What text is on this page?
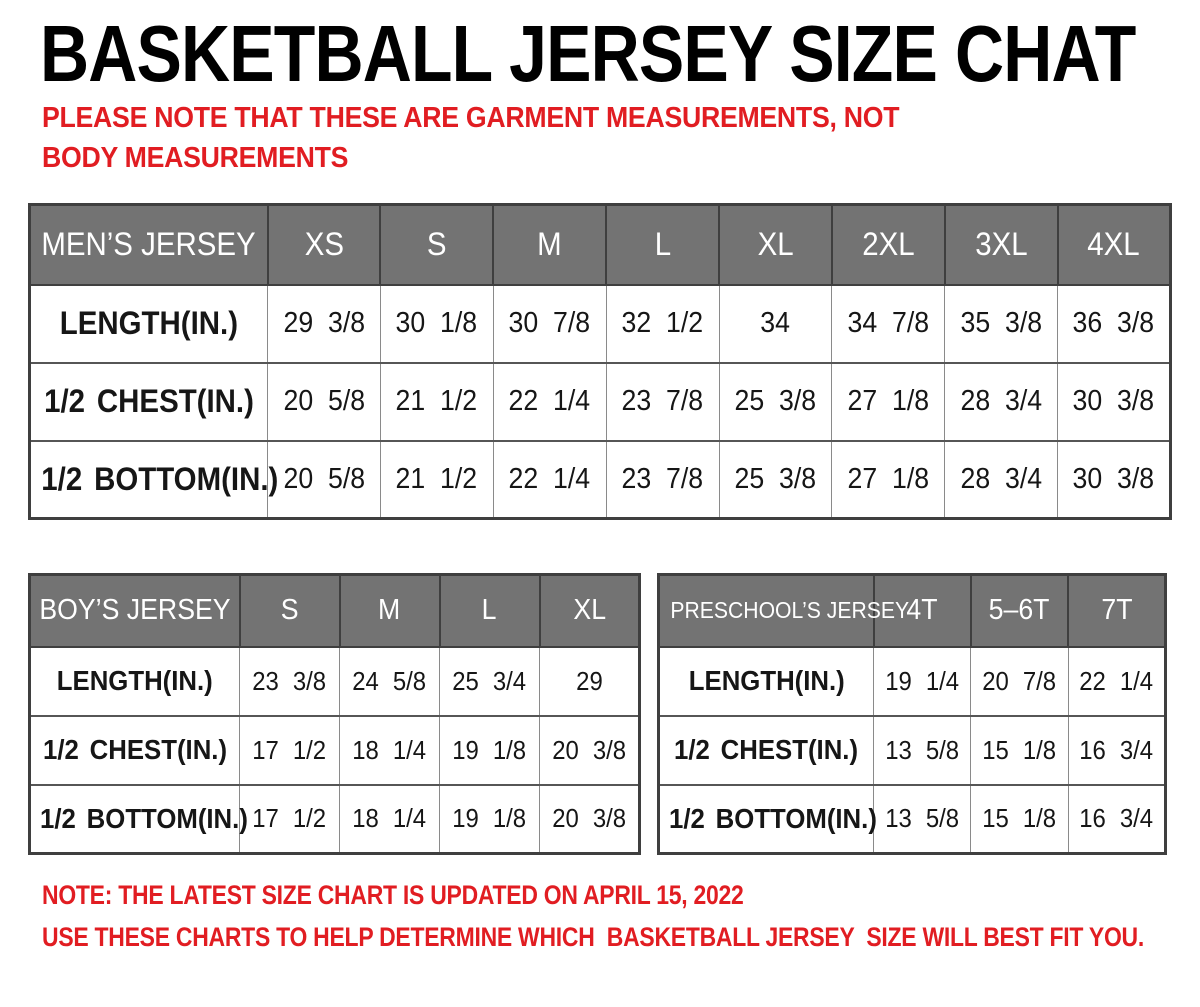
BASKETBALL JERSEY SIZE CHAT
PLEASE NOTE THAT THESE ARE GARMENT MEASUREMENTS, NOT BODY MEASUREMENTS
MEN’S JERSEY	XS	S	M	L	XL	2XL	3XL	4XL
LENGTH(IN.)	29 3/8	30 1/8	30 7/8	32 1/2	34	34 7/8	35 3/8	36 3/8
1/2 CHEST(IN.)	20 5/8	21 1/2	22 1/4	23 7/8	25 3/8	27 1/8	28 3/4	30 3/8
1/2 BOTTOM(IN.)	20 5/8	21 1/2	22 1/4	23 7/8	25 3/8	27 1/8	28 3/4	30 3/8
BOY’S JERSEY	S	M	L	XL
LENGTH(IN.)	23 3/8	24 5/8	25 3/4	29
1/2 CHEST(IN.)	17 1/2	18 1/4	19 1/8	20 3/8
1/2 BOTTOM(IN.)	17 1/2	18 1/4	19 1/8	20 3/8
PRESCHOOL’S JERSEY	4T	5–6T	7T
LENGTH(IN.)	19 1/4	20 7/8	22 1/4
1/2 CHEST(IN.)	13 5/8	15 1/8	16 3/4
1/2 BOTTOM(IN.)	13 5/8	15 1/8	16 3/4
NOTE: THE LATEST SIZE CHART IS UPDATED ON APRIL 15, 2022
USE THESE CHARTS TO HELP DETERMINE WHICH  BASKETBALL JERSEY  SIZE WILL BEST FIT YOU.
